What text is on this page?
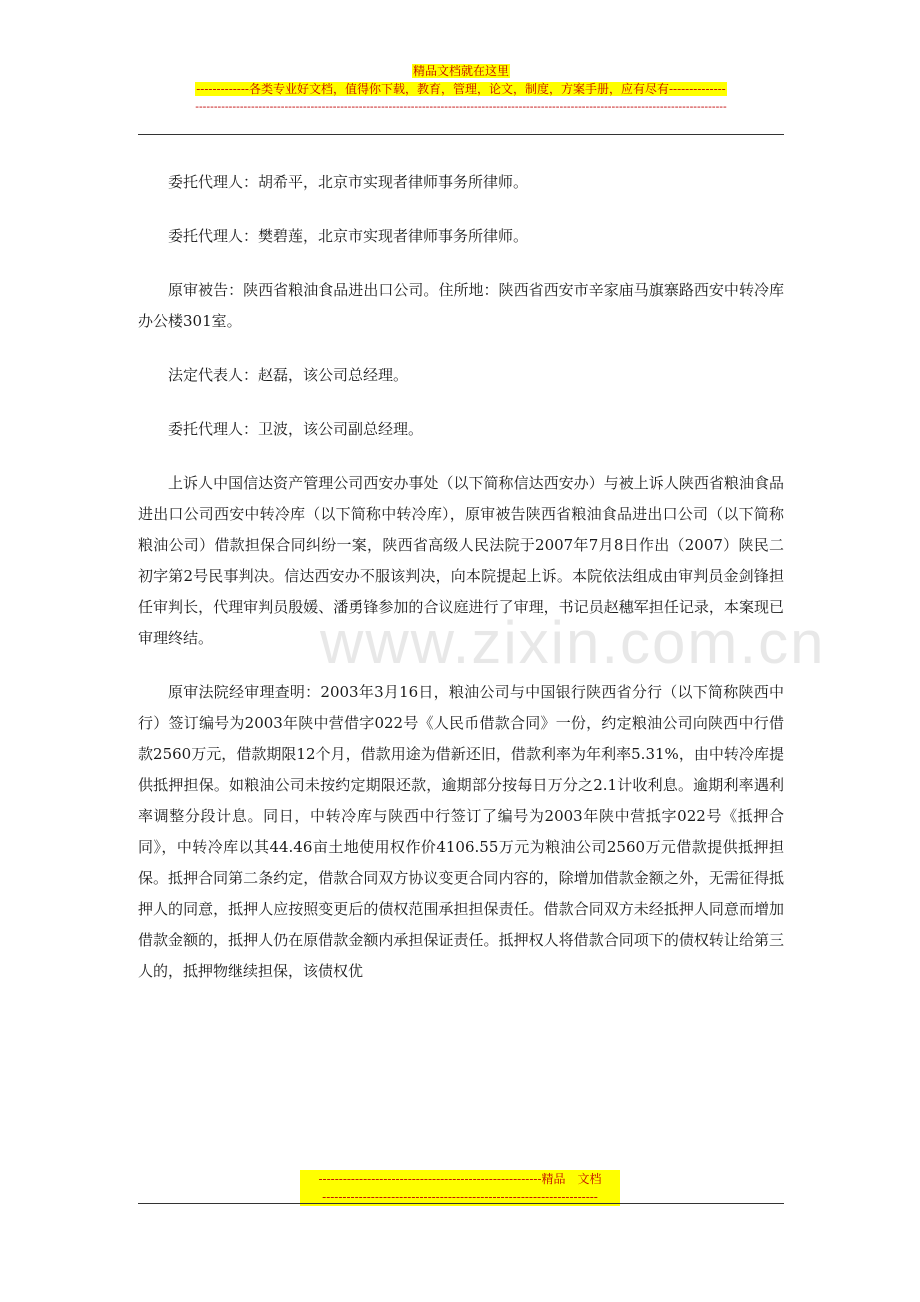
精品文档就在这里
-------------各类专业好文档，值得你下载，教育，管理，论文，制度，方案手册，应有尽有--------------
-----------------------------------------------------------------------------------------------------------------------------------------------
www.zixin.com.cn

委托代理人：胡希平，北京市实现者律师事务所律师。

委托代理人：樊碧莲，北京市实现者律师事务所律师。

原审被告：陕西省粮油食品进出口公司。住所地：陕西省西安市辛家庙马旗寨路西安中转冷库办公楼301室。

法定代表人：赵磊，该公司总经理。

委托代理人：卫波，该公司副总经理。

上诉人中国信达资产管理公司西安办事处（以下简称信达西安办）与被上诉人陕西省粮油食品进出口公司西安中转冷库（以下简称中转冷库），原审被告陕西省粮油食品进出口公司（以下简称粮油公司）借款担保合同纠纷一案，陕西省高级人民法院于2007年7月8日作出（2007）陕民二初字第2号民事判决。信达西安办不服该判决，向本院提起上诉。本院依法组成由审判员金剑锋担任审判长，代理审判员殷媛、潘勇锋参加的合议庭进行了审理，书记员赵穗军担任记录，本案现已审理终结。

原审法院经审理查明：2003年3月16日，粮油公司与中国银行陕西省分行（以下简称陕西中行）签订编号为2003年陕中营借字022号《人民币借款合同》一份，约定粮油公司向陕西中行借款2560万元，借款期限12个月，借款用途为借新还旧，借款利率为年利率5.31%，由中转冷库提供抵押担保。如粮油公司未按约定期限还款，逾期部分按每日万分之2.1计收利息。逾期利率遇利率调整分段计息。同日，中转冷库与陕西中行签订了编号为2003年陕中营抵字022号《抵押合同》，中转冷库以其44.46亩土地使用权作价4106.55万元为粮油公司2560万元借款提供抵押担保。抵押合同第二条约定，借款合同双方协议变更合同内容的，除增加借款金额之外，无需征得抵押人的同意，抵押人应按照变更后的债权范围承担担保责任。借款合同双方未经抵押人同意而增加借款金额的，抵押人仍在原借款金额内承担保证责任。抵押权人将借款合同项下的债权转让给第三人的，抵押物继续担保，该债权优

-------------------------------------------------------精品　文档
--------------------------------------------------------------------
